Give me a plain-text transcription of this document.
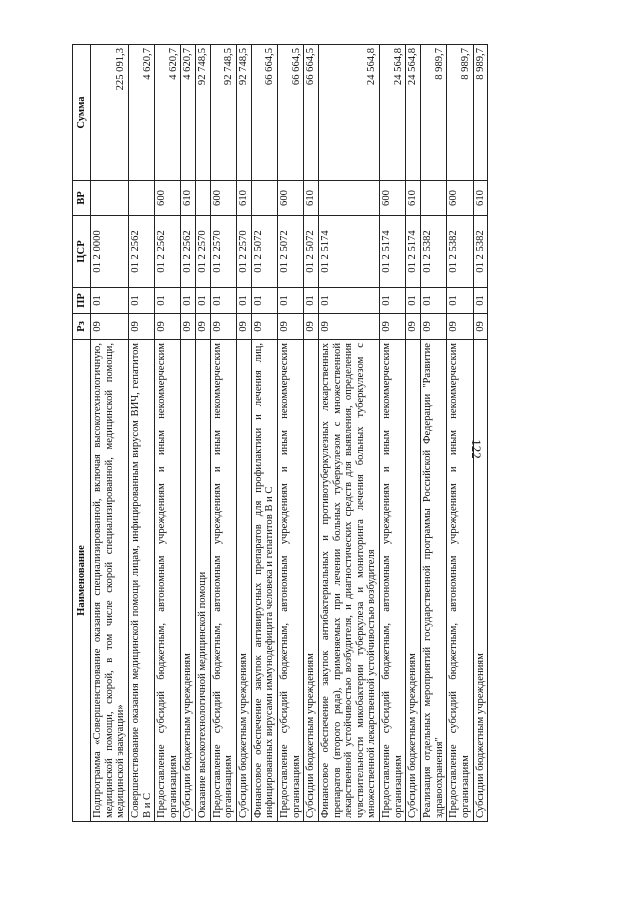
122
Наименование	Рз	ПР	ЦСР	ВР	Сумма
Подпрограмма «Совершенствование оказания специализированной, включая высокотехнологичную, медицинской помощи, скорой, в том числе скорой специализированной, медицинской помощи, медицинской эвакуации»	09	01	01 2 0000		225 091,3
Совершенствование оказания медицинской помощи лицам, инфицированным вирусом ВИЧ, гепатитом В и С	09	01	01 2 2562		4 620,7
Предоставление субсидий бюджетным, автономным учреждениям и иным некоммерческим организациям	09	01	01 2 2562	600	4 620,7
Субсидии бюджетным учреждениям	09	01	01 2 2562	610	4 620,7
Оказание высокотехнологичной медицинской помощи	09	01	01 2 2570		92 748,5
Предоставление субсидий бюджетным, автономным учреждениям и иным некоммерческим организациям	09	01	01 2 2570	600	92 748,5
Субсидии бюджетным учреждениям	09	01	01 2 2570	610	92 748,5
Финансовое обеспечение закупок антивирусных препаратов для профилактики и лечения лиц, инфицированных вирусами иммунодефицита человека и гепатитов В и С	09	01	01 2 5072		66 664,5
Предоставление субсидий бюджетным, автономным учреждениям и иным некоммерческим организациям	09	01	01 2 5072	600	66 664,5
Субсидии бюджетным учреждениям	09	01	01 2 5072	610	66 664,5
Финансовое обеспечение закупок антибактериальных и противотуберкулезных лекарственных препаратов (второго ряда), применяемых при лечении больных туберкулезом с множественной лекарственной устойчивостью возбудителя, и диагностических средств для выявления, определения чувствительности микобактерии туберкулеза и мониторинга лечения больных туберкулезом с множественной лекарственной устойчивостью возбудителя	09	01	01 2 5174		24 564,8
Предоставление субсидий бюджетным, автономным учреждениям и иным некоммерческим организациям	09	01	01 2 5174	600	24 564,8
Субсидии бюджетным учреждениям	09	01	01 2 5174	610	24 564,8
Реализация отдельных мероприятий государственной программы Российской Федерации "Развитие здравоохранения"	09	01	01 2 5382		8 989,7
Предоставление субсидий бюджетным, автономным учреждениям и иным некоммерческим организациям	09	01	01 2 5382	600	8 989,7
Субсидии бюджетным учреждениям	09	01	01 2 5382	610	8 989,7
